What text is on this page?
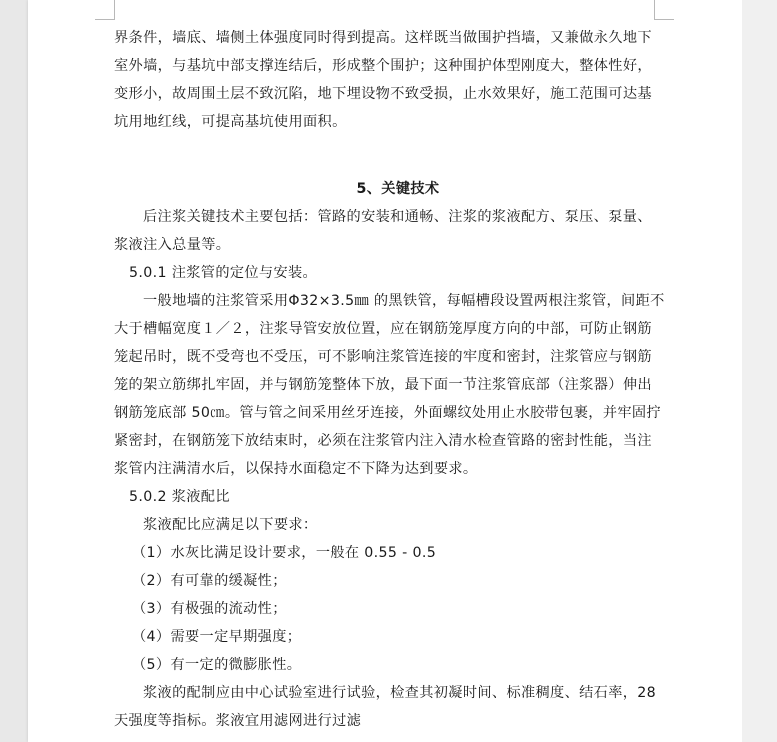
界条件，墙底、墙侧土体强度同时得到提高。这样既当做围护挡墙，又兼做永久地下
室外墙，与基坑中部支撑连结后，形成整个围护；这种围护体型刚度大，整体性好，
变形小，故周围土层不致沉陷，地下埋设物不致受损，止水效果好，施工范围可达基
坑用地红线，可提高基坑使用面积。
5、关键技术
后注浆关键技术主要包括：管路的安装和通畅、注浆的浆液配方、泵压、泵量、
浆液注入总量等。
5.0.1 注浆管的定位与安装。
一般地墙的注浆管采用Φ32×3.5㎜ 的黑铁管，每幅槽段设置两根注浆管，间距不
大于槽幅宽度１／２，注浆导管安放位置，应在钢筋笼厚度方向的中部，可防止钢筋
笼起吊时，既不受弯也不受压，可不影响注浆管连接的牢度和密封，注浆管应与钢筋
笼的架立筋绑扎牢固，并与钢筋笼整体下放，最下面一节注浆管底部（注浆器）伸出
钢筋笼底部 50㎝。管与管之间采用丝牙连接，外面螺纹处用止水胶带包裹，并牢固拧
紧密封，在钢筋笼下放结束时，必须在注浆管内注入清水检查管路的密封性能，当注
浆管内注满清水后，以保持水面稳定不下降为达到要求。
5.0.2 浆液配比
浆液配比应满足以下要求：
（1）水灰比满足设计要求，一般在 0.55 - 0.5
（2）有可靠的缓凝性；
（3）有极强的流动性；
（4）需要一定早期强度；
（5）有一定的微膨胀性。
浆液的配制应由中心试验室进行试验，检查其初凝时间、标准稠度、结石率，28
天强度等指标。浆液宜用滤网进行过滤
